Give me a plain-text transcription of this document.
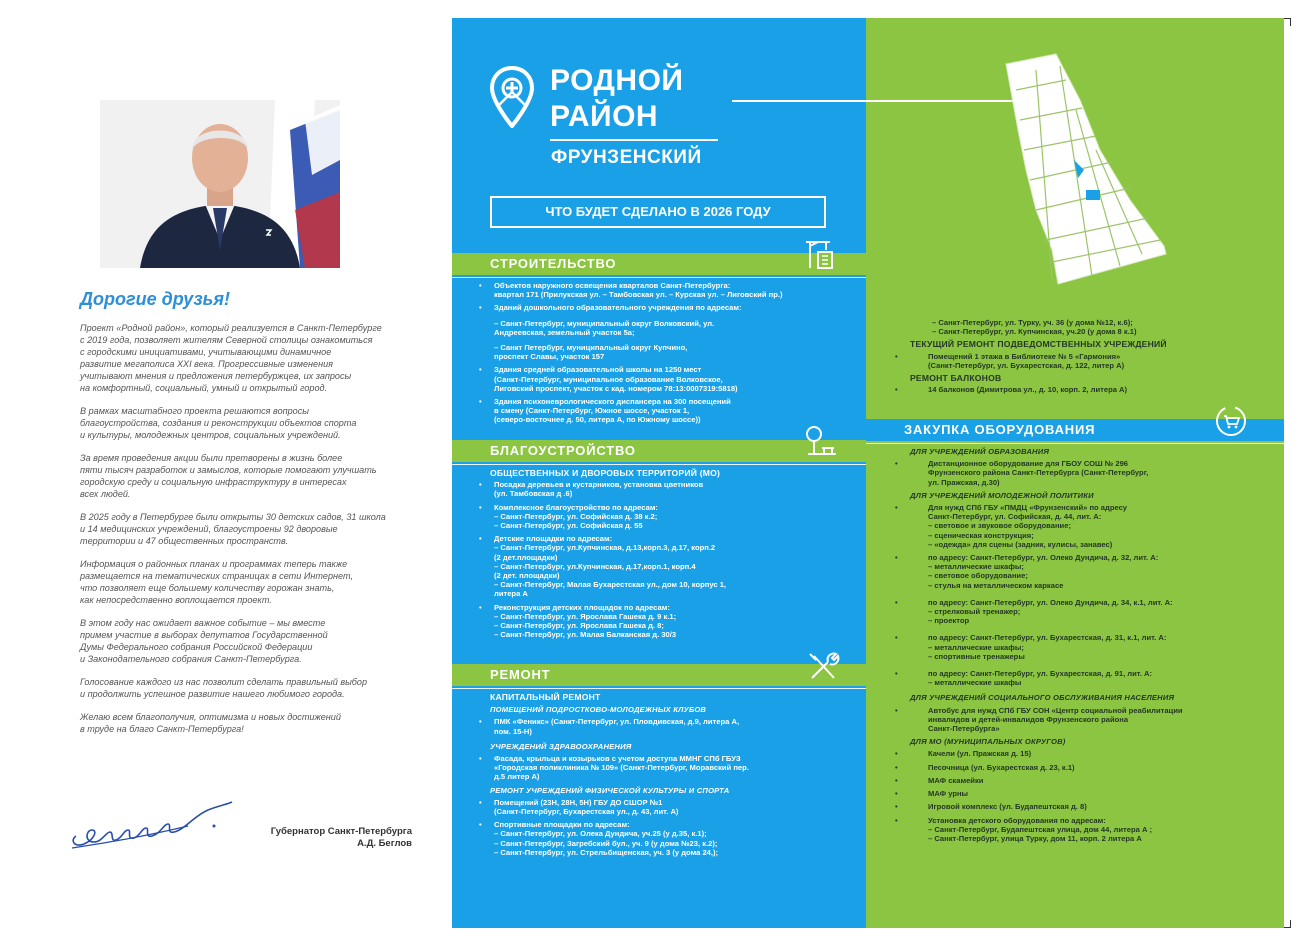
Дорогие друзья!

Проект «Родной район», который реализуется в Санкт-Петербурге
с 2019 года, позволяет жителям Северной столицы ознакомиться
с городскими инициативами, учитывающими динамичное
развитие мегаполиса XXI века. Прогрессивные изменения
учитывают мнения и предложения петербуржцев, их запросы
на комфортный, социальный, умный и открытый город.

В рамках масштабного проекта решаются вопросы
благоустройства, создания и реконструкции объектов спорта
и культуры, молодежных центров, социальных учреждений.

За время проведения акции были претворены в жизнь более
пяти тысяч разработок и замыслов, которые помогают улучшать
городскую среду и социальную инфраструктуру в интересах
всех людей.

В 2025 году в Петербурге были открыты 30 детских садов, 31 школа
и 14 медицинских учреждений, благоустроены 92 дворовые
территории и 47 общественных пространств.

Информация о районных планах и программах теперь также
размещается на тематических страницах в сети Интернет,
что позволяет еще большему количеству горожан знать,
как непосредственно воплощается проект.

В этом году нас ожидает важное событие – мы вместе
примем участие в выборах депутатов Государственной
Думы Федерального собрания Российской Федерации
и Законодательного собрания Санкт-Петербурга.

Голосование каждого из нас позволит сделать правильный выбор
и продолжить успешное развитие нашего любимого города.

Желаю всем благополучия, оптимизма и новых достижений
в труде на благо Санкт-Петербурга!

Губернатор Санкт-Петербурга
А.Д. Беглов
РОДНОЙ
РАЙОН
ФРУНЗЕНСКИЙ
ЧТО БУДЕТ СДЕЛАНО В 2026 ГОДУ
СТРОИТЕЛЬСТВО
• Объектов наружного освещения кварталов Санкт-Петербурга:
квартал 171 (Прилукская ул. – Тамбовская ул. – Курская ул. – Лиговский пр.)
• Зданий дошкольного образовательного учреждения по адресам:
– Санкт-Петербург, муниципальный округ Волковский, ул.
Андреевская, земельный участок 5а;
– Санкт Петербург, муниципальный округ Купчино,
проспект Славы, участок 157
• Здания средней образовательной школы на 1250 мест
(Санкт-Петербург, муниципальное образование Волковское,
Лиговский проспект, участок с кад. номером 78:13:0007319:5818)
• Здания психоневрологического диспансера на 300 посещений
в смену (Санкт-Петербург, Южное шоссе, участок 1,
(северо-восточнее д. 50, литера А, по Южному шоссе))
БЛАГОУСТРОЙСТВО
ОБЩЕСТВЕННЫХ И ДВОРОВЫХ ТЕРРИТОРИЙ (МО)
• Посадка деревьев и кустарников, установка цветников
(ул. Тамбовская д .6)
• Комплексное благоустройство по адресам:
– Санкт-Петербург, ул. Софийская д. 38 к.2;
– Санкт-Петербург, ул. Софийская д. 55
• Детские площадки по адресам:
– Санкт-Петербург, ул.Купчинская, д.13,корп.3, д.17, корп.2
(2 дет.площадки)
– Санкт-Петербург, ул.Купчинская, д.17,корп.1, корп.4
(2 дет. площадки)
– Санкт-Петербург, Малая Бухарестская ул., дом 10, корпус 1,
литера А
• Реконструкция детских площадок по адресам:
– Санкт-Петербург, ул. Ярослава Гашека д. 9 к.1;
– Санкт-Петербург, ул. Ярослава Гашека д. 8;
– Санкт-Петербург, ул. Малая Балканская д. 30/3
РЕМОНТ
КАПИТАЛЬНЫЙ РЕМОНТ
ПОМЕЩЕНИЙ ПОДРОСТКОВО-МОЛОДЕЖНЫХ КЛУБОВ
• ПМК «Феникс» (Санкт-Петербург, ул. Пловдивская, д.9, литера А,
пом. 15-Н)
УЧРЕЖДЕНИЙ ЗДРАВООХРАНЕНИЯ
• Фасада, крыльца и козырьков с учетом доступа ММНГ СПб ГБУЗ
«Городская поликлиника № 109» (Санкт-Петербург, Моравский пер.
д.5 литер А)
РЕМОНТ УЧРЕЖДЕНИЙ ФИЗИЧЕСКОЙ КУЛЬТУРЫ И СПОРТА
• Помещений (23Н, 28Н, 5Н) ГБУ ДО СШОР №1
(Санкт-Петербург, Бухарестская ул., д. 43, лит. А)
• Спортивные площадки по адресам:
– Санкт-Петербург, ул. Олека Дундича, уч.25 (у д.35, к.1);
– Санкт-Петербург, Загребский бул., уч. 9 (у дома №23, к.2);
– Санкт-Петербург, ул. Стрельбищенская, уч. 3 (у дома 24,);
– Санкт-Петербург, ул. Турку, уч. 36 (у дома №12, к.6);
– Санкт-Петербург, ул. Купчинская, уч.20 (у дома 8 к.1)
ТЕКУЩИЙ РЕМОНТ ПОДВЕДОМСТВЕННЫХ УЧРЕЖДЕНИЙ
• Помещений 1 этажа в Библиотеке № 5 «Гармония»
(Санкт-Петербург, ул. Бухарестская, д. 122, литер А)
РЕМОНТ БАЛКОНОВ
• 14 балконов (Димитрова ул., д. 10, корп. 2, литера А)
ЗАКУПКА ОБОРУДОВАНИЯ
ДЛЯ УЧРЕЖДЕНИЙ ОБРАЗОВАНИЯ
• Дистанционное оборудование для ГБОУ СОШ № 296
Фрунзенского района Санкт-Петербурга (Санкт-Петербург,
ул. Пражская, д.30)
ДЛЯ УЧРЕЖДЕНИЙ МОЛОДЕЖНОЙ ПОЛИТИКИ
• Для нужд СПб ГБУ «ПМДЦ «Фрунзенский» по адресу
Санкт-Петербург, ул. Софийская, д. 44, лит. А:
– световое и звуковое оборудование;
– сценическая конструкция;
– «одежда» для сцены (задник, кулисы, занавес)
• по адресу: Санкт-Петербург, ул. Олеко Дундича, д. 32, лит. А:
– металлические шкафы;
– световое оборудование;
– стулья на металлическом каркасе
• по адресу: Санкт-Петербург, ул. Олеко Дундича, д. 34, к.1, лит. А:
– стрелковый тренажер;
– проектор
• по адресу: Санкт-Петербург, ул. Бухарестская, д. 31, к.1, лит. А:
– металлические шкафы;
– спортивные тренажеры
• по адресу: Санкт-Петербург, ул. Бухарестская, д. 91, лит. А:
– металлические шкафы
ДЛЯ УЧРЕЖДЕНИЙ СОЦИАЛЬНОГО ОБСЛУЖИВАНИЯ НАСЕЛЕНИЯ
• Автобус для нужд СПб ГБУ СОН «Центр социальной реабилитации
инвалидов и детей-инвалидов Фрунзенского района
Санкт-Петербурга»
ДЛЯ МО (МУНИЦИПАЛЬНЫХ ОКРУГОВ)
• Качели (ул. Пражская д. 15)
• Песочница (ул. Бухарестская д. 23, к.1)
• МАФ скамейки
• МАФ урны
• Игровой комплекс (ул. Будапештская д. 8)
• Установка детского оборудования по адресам:
– Санкт-Петербург, Будапештская улица, дом 44, литера А ;
– Санкт-Петербург, улица Турку, дом 11, корп. 2 литера А
